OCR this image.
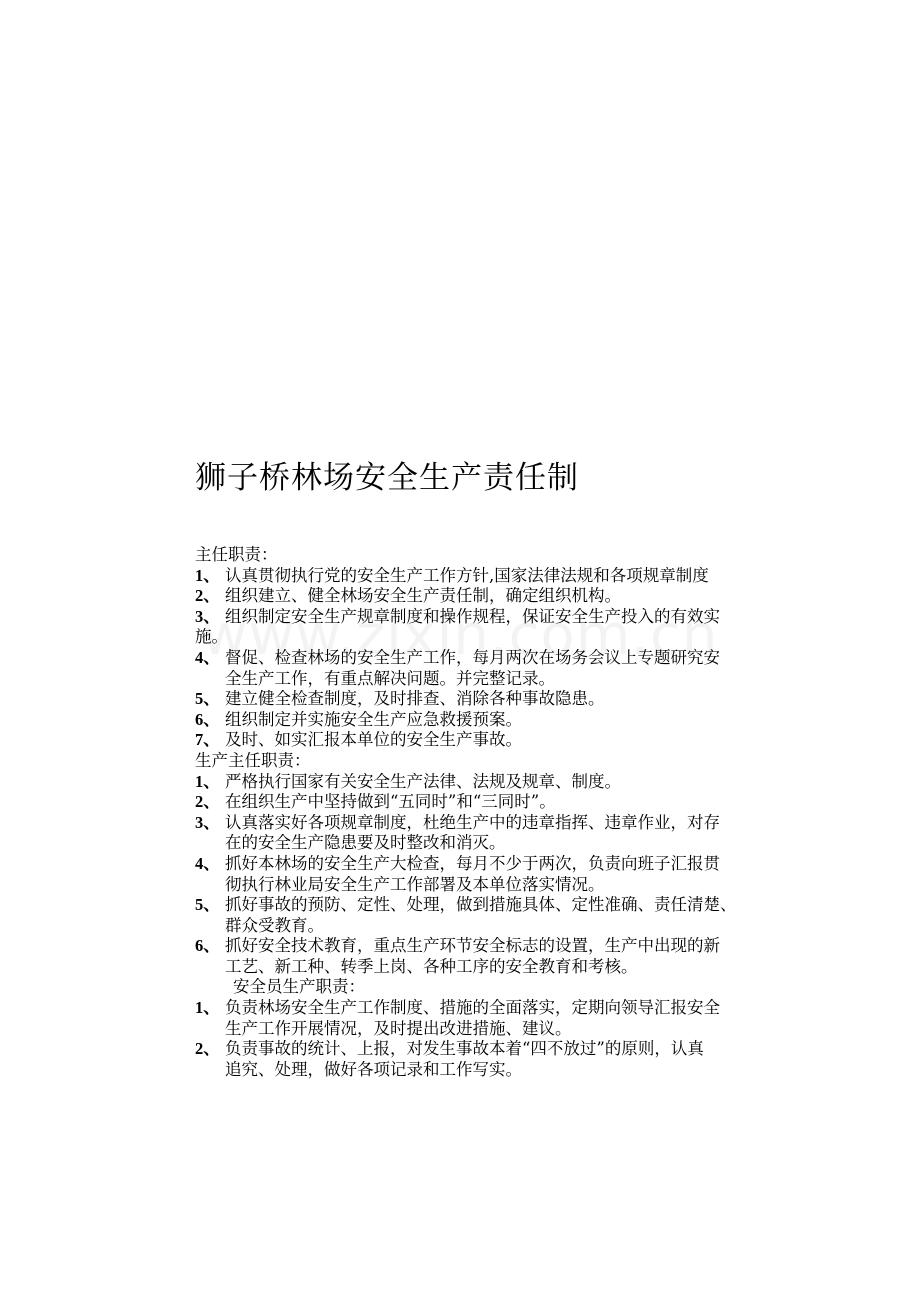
狮子桥林场安全生产责任制
主任职责：
1、 认真贯彻执行党的安全生产工作方针,国家法律法规和各项规章制度
2、 组织建立、健全林场安全生产责任制，确定组织机构。
3、 组织制定安全生产规章制度和操作规程，保证安全生产投入的有效实
施。
4、 督促、检查林场的安全生产工作，每月两次在场务会议上专题研究安
全生产工作，有重点解决问题。并完整记录。
5、 建立健全检查制度，及时排查、消除各种事故隐患。
6、 组织制定并实施安全生产应急救援预案。
7、 及时、如实汇报本单位的安全生产事故。
生产主任职责：
1、 严格执行国家有关安全生产法律、法规及规章、制度。
2、 在组织生产中坚持做到“五同时”和“三同时”。
3、 认真落实好各项规章制度，杜绝生产中的违章指挥、违章作业，对存
在的安全生产隐患要及时整改和消灭。
4、 抓好本林场的安全生产大检查，每月不少于两次，负责向班子汇报贯
彻执行林业局安全生产工作部署及本单位落实情况。
5、 抓好事故的预防、定性、处理，做到措施具体、定性准确、责任清楚、
群众受教育。
6、 抓好安全技术教育，重点生产环节安全标志的设置，生产中出现的新
工艺、新工种、转季上岗、各种工序的安全教育和考核。
安全员生产职责：
1、 负责林场安全生产工作制度、措施的全面落实，定期向领导汇报安全
生产工作开展情况，及时提出改进措施、建议。
2、 负责事故的统计、上报，对发生事故本着“四不放过”的原则，认真
追究、处理，做好各项记录和工作写实。
